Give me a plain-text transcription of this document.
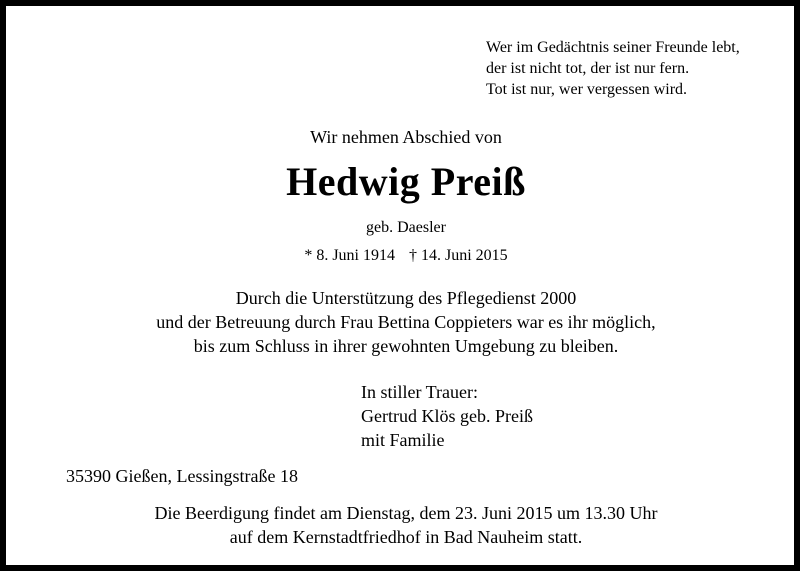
Wer im Gedächtnis seiner Freunde lebt,
der ist nicht tot, der ist nur fern.
Tot ist nur, wer vergessen wird.
Wir nehmen Abschied von
Hedwig Preiß
geb. Daesler
* 8. Juni 1914 † 14. Juni 2015
Durch die Unterstützung des Pflegedienst 2000
und der Betreuung durch Frau Bettina Coppieters war es ihr möglich,
bis zum Schluss in ihrer gewohnten Umgebung zu bleiben.
In stiller Trauer:
Gertrud Klös geb. Preiß
mit Familie
35390 Gießen, Lessingstraße 18
Die Beerdigung findet am Dienstag, dem 23. Juni 2015 um 13.30 Uhr
auf dem Kernstadtfriedhof in Bad Nauheim statt.
